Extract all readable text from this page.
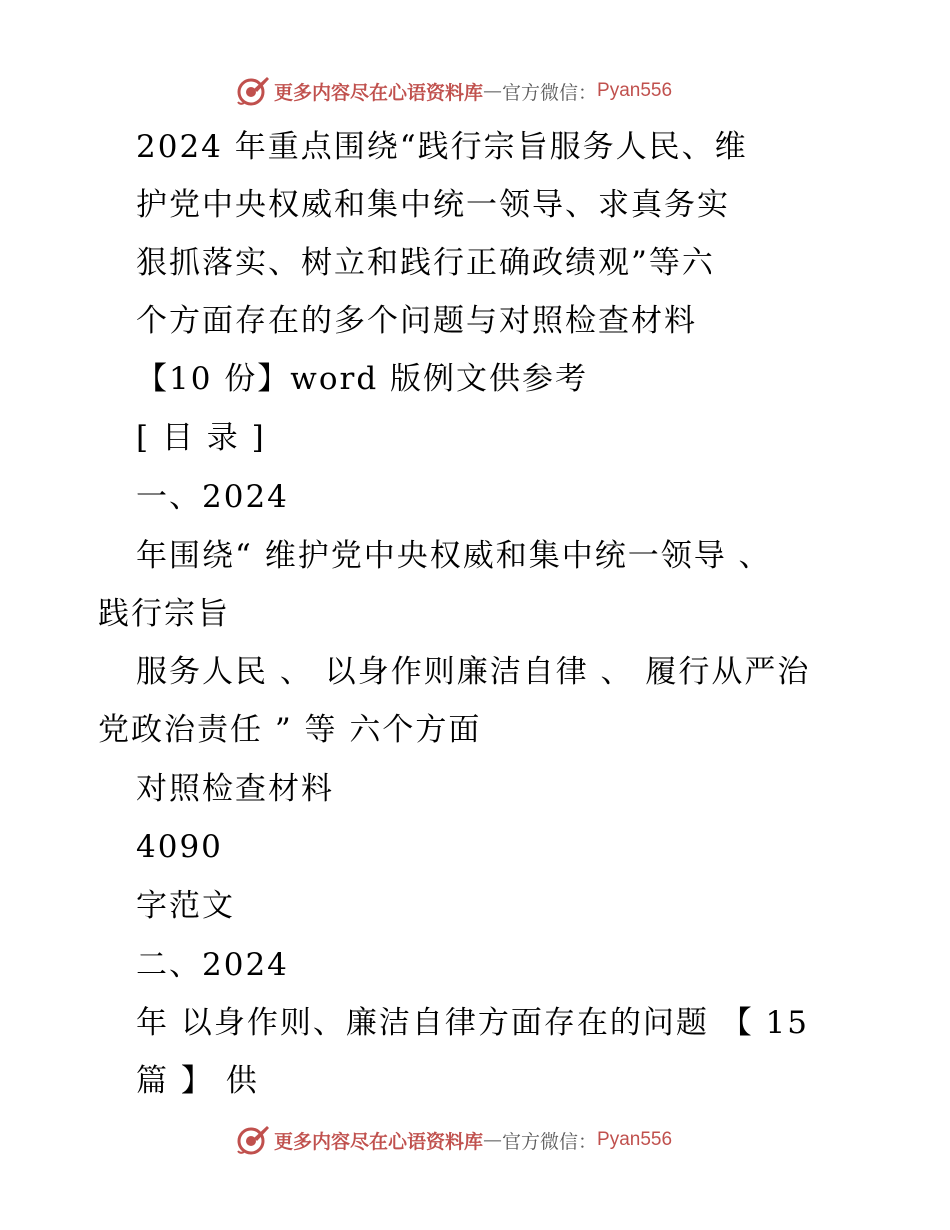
更多内容尽在心语资料库 — 官方微信： Pyan556
2024 年重点围绕“践行宗旨服务人民、维
护党中央权威和集中统一领导、求真务实
狠抓落实、树立和践行正确政绩观”等六
个方面存在的多个问题与对照检查材料
【10 份】word 版例文供参考
[ 目 录 ]
一、2024
年围绕“ 维护党中央权威和集中统一领导 、
践行宗旨
服务人民 、 以身作则廉洁自律 、 履行从严治
党政治责任 ” 等 六个方面
对照检查材料
4090
字范文
二、2024
年 以身作则、廉洁自律方面存在的问题 【 15
篇 】 供
更多内容尽在心语资料库 — 官方微信： Pyan556
